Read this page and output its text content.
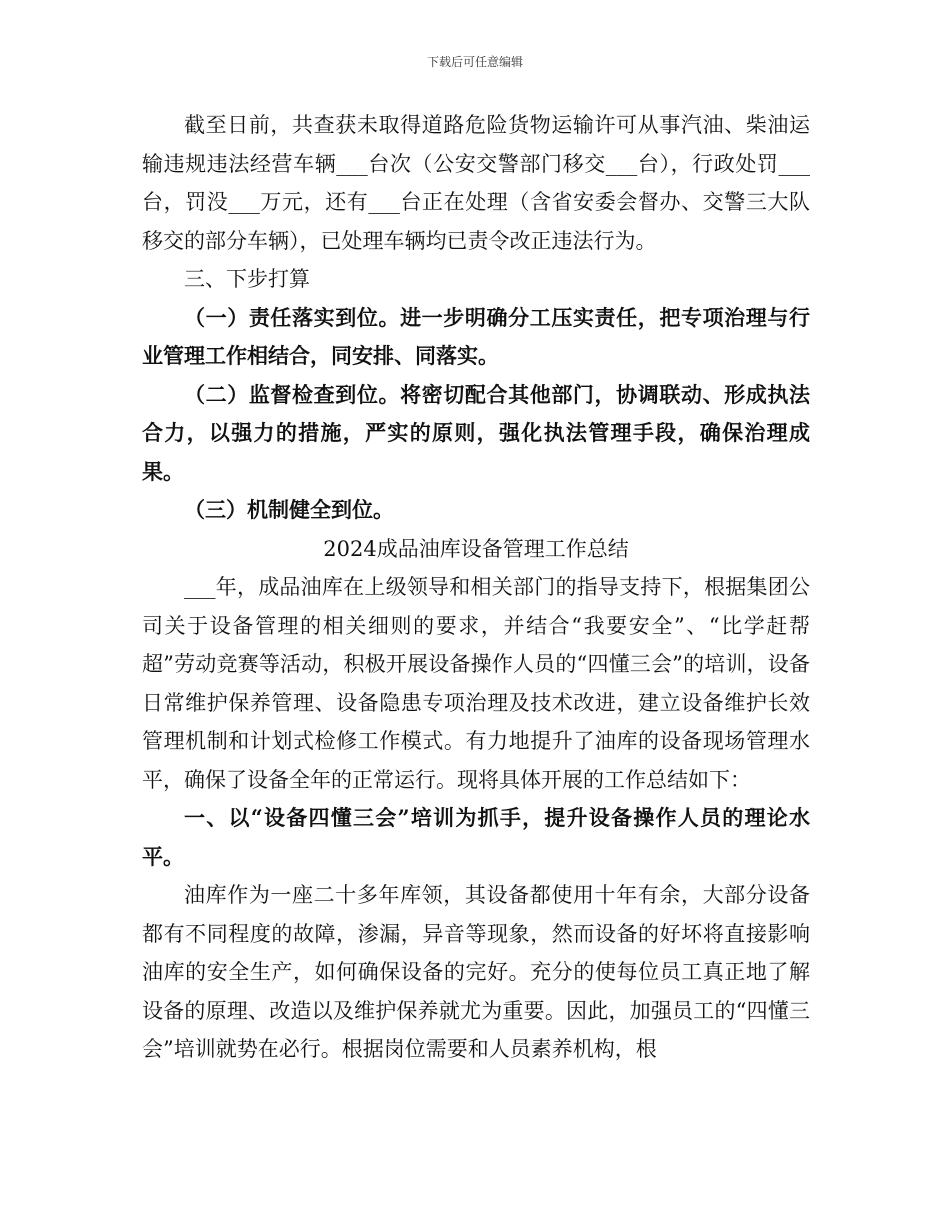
下载后可任意编辑

截至日前，共查获未取得道路危险货物运输许可从事汽油、柴油运输违规违法经营车辆___台次（公安交警部门移交___台），行政处罚___台，罚没___万元，还有___台正在处理（含省安委会督办、交警三大队移交的部分车辆），已处理车辆均已责令改正违法行为。

三、下步打算

（一）责任落实到位。进一步明确分工压实责任，把专项治理与行业管理工作相结合，同安排、同落实。

（二）监督检查到位。将密切配合其他部门，协调联动、形成执法合力，以强力的措施，严实的原则，强化执法管理手段，确保治理成果。

（三）机制健全到位。

2024成品油库设备管理工作总结

___年，成品油库在上级领导和相关部门的指导支持下，根据集团公司关于设备管理的相关细则的要求，并结合“我要安全”、“比学赶帮超”劳动竞赛等活动，积极开展设备操作人员的“四懂三会”的培训，设备日常维护保养管理、设备隐患专项治理及技术改进，建立设备维护长效管理机制和计划式检修工作模式。有力地提升了油库的设备现场管理水平，确保了设备全年的正常运行。现将具体开展的工作总结如下：

一、以“设备四懂三会”培训为抓手，提升设备操作人员的理论水平。

油库作为一座二十多年库领，其设备都使用十年有余，大部分设备都有不同程度的故障，渗漏，异音等现象，然而设备的好坏将直接影响油库的安全生产，如何确保设备的完好。充分的使每位员工真正地了解设备的原理、改造以及维护保养就尤为重要。因此，加强员工的“四懂三会”培训就势在必行。根据岗位需要和人员素养机构，根
